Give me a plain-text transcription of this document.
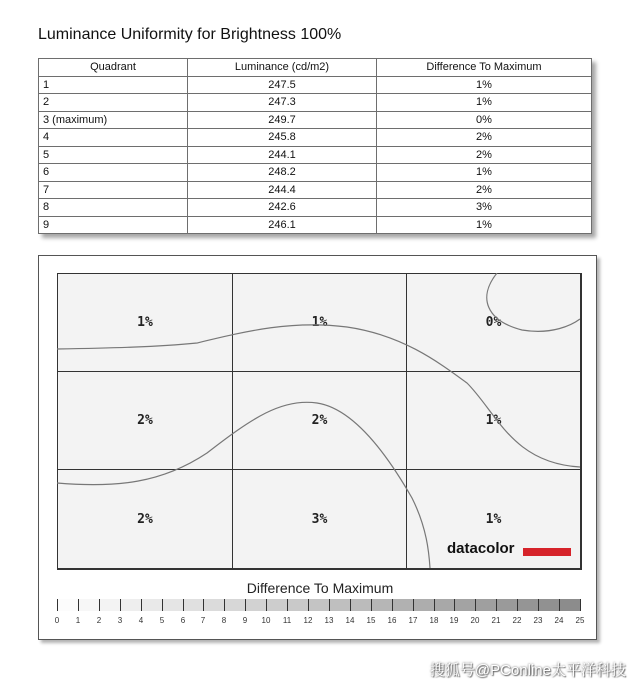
Luminance Uniformity for Brightness 100%
Quadrant	Luminance (cd/m2)	Difference To Maximum
1	247.5	1%
2	247.3	1%
3 (maximum)	249.7	0%
4	245.8	2%
5	244.1	2%
6	248.2	1%
7	244.4	2%
8	242.6	3%
9	246.1	1%
1%	1%	0%
2%	2%	1%
2%	3%	1%
datacolor
Difference To Maximum
0	1	2	3	4	5	6	7	8	9	10	11	12	13	14	15	16	17	18	19	20	21	22	23	24	25
搜狐号@PConline太平洋科技
